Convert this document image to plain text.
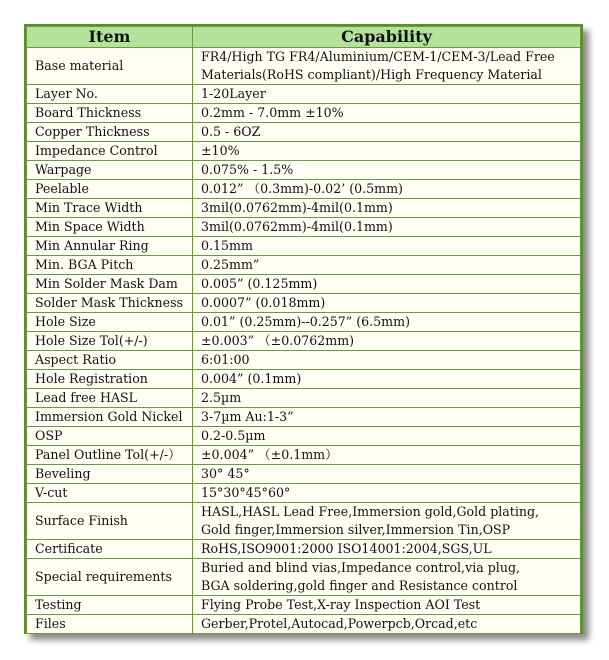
Item	Capability
Base material	FR4/High TG FR4/Aluminium/CEM-1/CEM-3/Lead Free
Materials(RoHS compliant)/High Frequency Material

Layer No.	1-20Layer

Board Thickness	0.2mm - 7.0mm ±10%

Copper Thickness	0.5 - 6OZ

Impedance Control	±10%

Warpage	0.075% - 1.5%

Peelable	0.012” （0.3mm)-0.02’ (0.5mm)

Min Trace Width	3mil(0.0762mm)-4mil(0.1mm)

Min Space Width	3mil(0.0762mm)-4mil(0.1mm)

Min Annular Ring	0.15mm

Min. BGA Pitch	0.25mm”

Min Solder Mask Dam	0.005” (0.125mm)

Solder Mask Thickness	0.0007” (0.018mm)

Hole Size	0.01” (0.25mm)--0.257” (6.5mm)

Hole Size Tol(+/-)	±0.003” （±0.0762mm)

Aspect Ratio	6:01:00

Hole Registration	0.004” (0.1mm)

Lead free HASL	2.5µm

Immersion Gold Nickel	3-7µm Au:1-3”

OSP	0.2-0.5µm

Panel Outline Tol(+/-）	±0.004” （±0.1mm）

Beveling	30° 45°

V-cut	15°30°45°60°

Surface Finish	HASL,HASL Lead Free,Immersion gold,Gold plating,
Gold finger,Immersion silver,Immersion Tin,OSP

Certificate	RoHS,ISO9001:2000 ISO14001:2004,SGS,UL

Special requirements	Buried and blind vias,Impedance control,via plug,
BGA soldering,gold finger and Resistance control

Testing	Flying Probe Test,X-ray Inspection AOI Test

Files	Gerber,Protel,Autocad,Powerpcb,Orcad,etc
